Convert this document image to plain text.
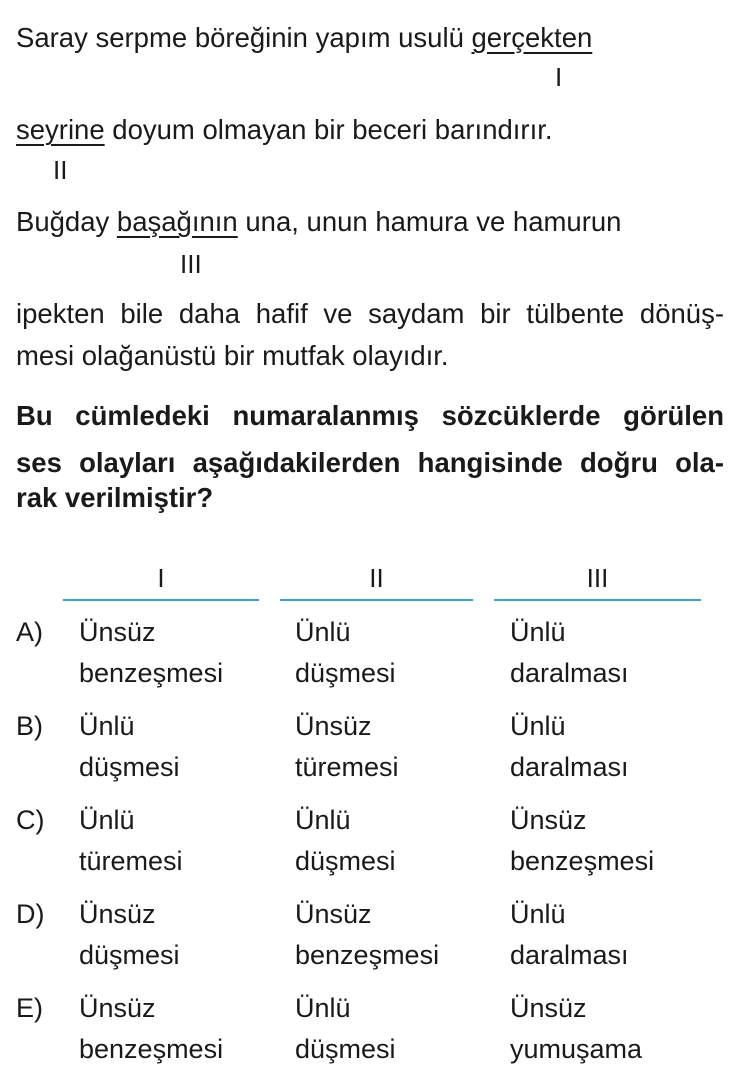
Saray serpme böreğinin yapım usulü gerçekten
I
seyrine doyum olmayan bir beceri barındırır.
II
Buğday başağının una, unun hamura ve hamurun
III
ipekten bile daha hafif ve saydam bir tülbente dönüş-
mesi olağanüstü bir mutfak olayıdır.
Bu cümledeki numaralanmış sözcüklerde görülen
ses olayları aşağıdakilerden hangisinde doğru ola-
rak verilmiştir?
I	II	III
A) Ünsüz
benzeşmesi
Ünlü
düşmesi
Ünlü
daralması
B) Ünlü
düşmesi
Ünsüz
türemesi
Ünlü
daralması
C) Ünlü
türemesi
Ünlü
düşmesi
Ünsüz
benzeşmesi
D) Ünsüz
düşmesi
Ünsüz
benzeşmesi
Ünlü
daralması
E) Ünsüz
benzeşmesi
Ünlü
düşmesi
Ünsüz
yumuşama
